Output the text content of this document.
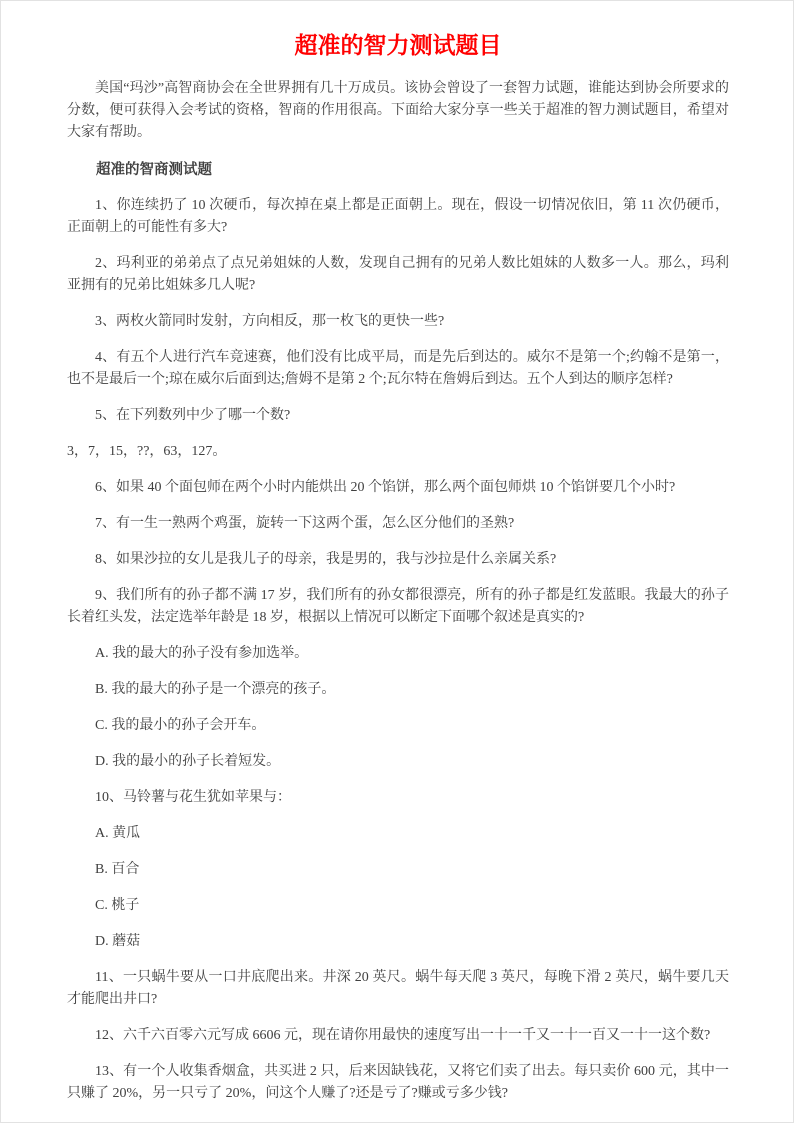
超准的智力测试题目

美国“玛沙”高智商协会在全世界拥有几十万成员。该协会曾设了一套智力试题，谁能达到协会所要求的分数，便可获得入会考试的资格，智商的作用很高。下面给大家分享一些关于超准的智力测试题目，希望对大家有帮助。

超准的智商测试题

1、你连续扔了 10 次硬币，每次掉在桌上都是正面朝上。现在，假设一切情况依旧，第 11 次仍硬币，正面朝上的可能性有多大?

2、玛利亚的弟弟点了点兄弟姐妹的人数，发现自己拥有的兄弟人数比姐妹的人数多一人。那么，玛利亚拥有的兄弟比姐妹多几人呢?

3、两枚火箭同时发射，方向相反，那一枚飞的更快一些?

4、有五个人进行汽车竞速赛，他们没有比成平局，而是先后到达的。威尔不是第一个;约翰不是第一，也不是最后一个;琼在威尔后面到达;詹姆不是第 2 个;瓦尔特在詹姆后到达。五个人到达的顺序怎样?

5、在下列数列中少了哪一个数?

3，7，15，??，63，127。

6、如果 40 个面包师在两个小时内能烘出 20 个馅饼，那么两个面包师烘 10 个馅饼要几个小时?

7、有一生一熟两个鸡蛋，旋转一下这两个蛋，怎么区分他们的圣熟?

8、如果沙拉的女儿是我儿子的母亲，我是男的，我与沙拉是什么亲属关系?

9、我们所有的孙子都不满 17 岁，我们所有的孙女都很漂亮，所有的孙子都是红发蓝眼。我最大的孙子长着红头发，法定选举年龄是 18 岁，根据以上情况可以断定下面哪个叙述是真实的?

A. 我的最大的孙子没有参加选举。

B. 我的最大的孙子是一个漂亮的孩子。

C. 我的最小的孙子会开车。

D. 我的最小的孙子长着短发。

10、马铃薯与花生犹如苹果与：

A. 黄瓜

B. 百合

C. 桃子

D. 蘑菇

11、一只蜗牛要从一口井底爬出来。井深 20 英尺。蜗牛每天爬 3 英尺，每晚下滑 2 英尺，蜗牛要几天才能爬出井口?

12、六千六百零六元写成 6606 元，现在请你用最快的速度写出一十一千又一十一百又一十一这个数?

13、有一个人收集香烟盒，共买进 2 只，后来因缺钱花，又将它们卖了出去。每只卖价 600 元，其中一只赚了 20%，另一只亏了 20%，问这个人赚了?还是亏了?赚或亏多少钱?
